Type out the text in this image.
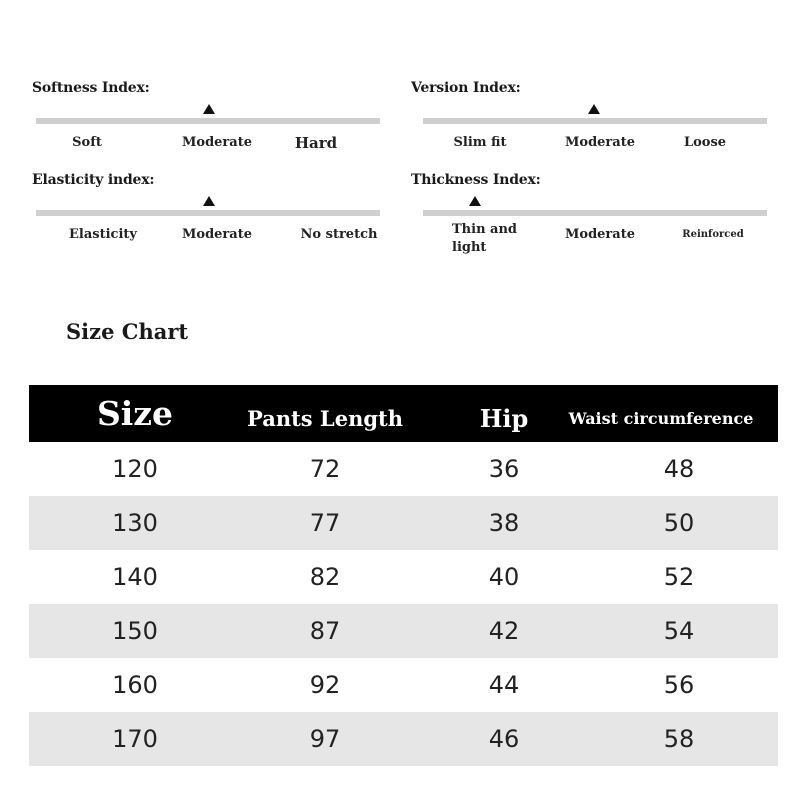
Softness Index:
Soft	Moderate	Hard
Version Index:
Slim fit	Moderate	Loose
Elasticity index:
Elasticity	Moderate	No stretch
Thickness Index:
Thin and light
Moderate	Reinforced
Size Chart
Size	Pants Length	Hip	Waist circumference
120	72	36	48
130	77	38	50
140	82	40	52
150	87	42	54
160	92	44	56
170	97	46	58
